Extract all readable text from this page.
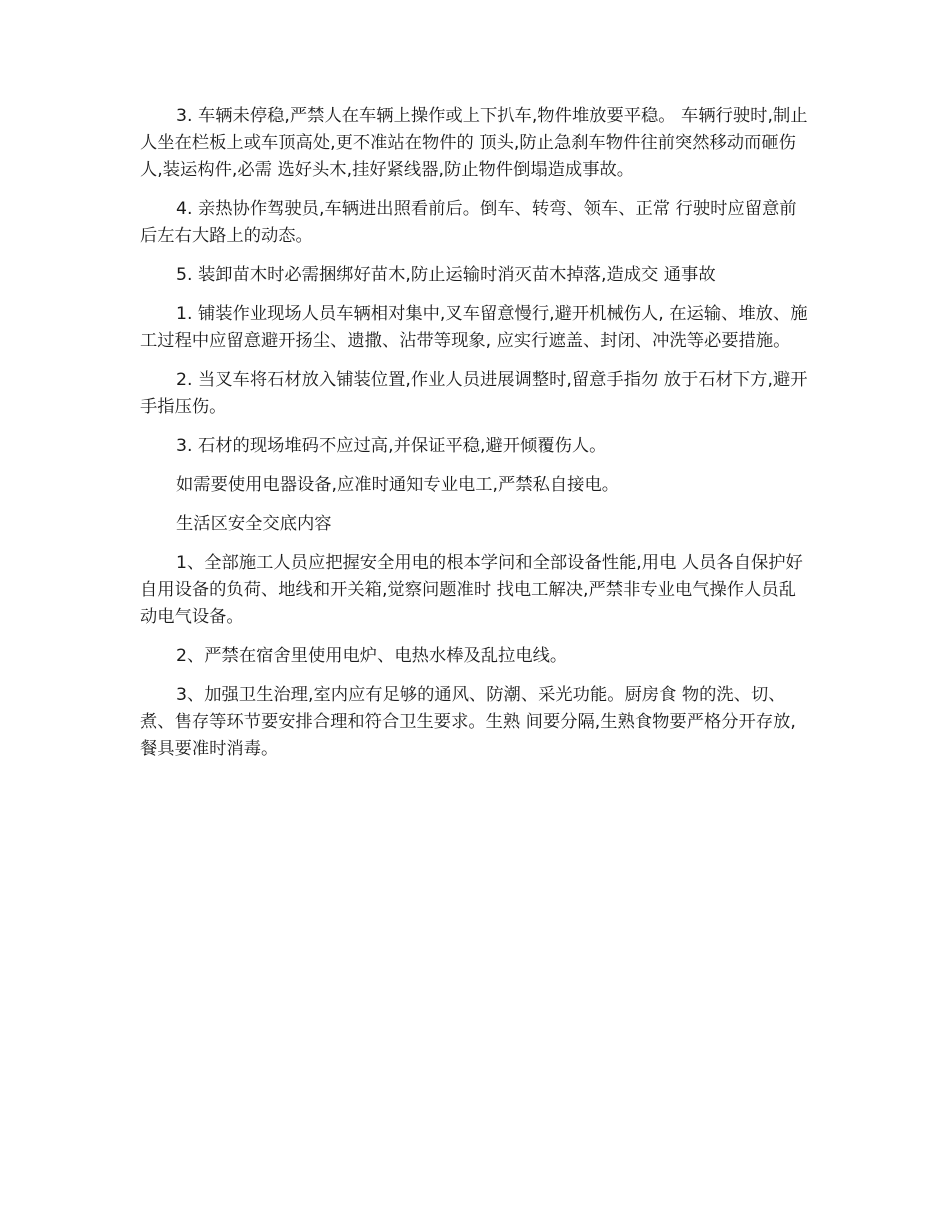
3. 车辆未停稳,严禁人在车辆上操作或上下扒车,物件堆放要平稳。 车辆行驶时,制止人坐在栏板上或车顶高处,更不准站在物件的 顶头,防止急刹车物件往前突然移动而砸伤人,装运构件,必需 选好头木,挂好紧线器,防止物件倒塌造成事故。

4. 亲热协作驾驶员,车辆进出照看前后。倒车、转弯、领车、正常 行驶时应留意前后左右大路上的动态。

5. 装卸苗木时必需捆绑好苗木,防止运输时消灭苗木掉落,造成交 通事故

1. 铺装作业现场人员车辆相对集中,叉车留意慢行,避开机械伤人, 在运输、堆放、施工过程中应留意避开扬尘、遗撒、沾带等现象, 应实行遮盖、封闭、冲洗等必要措施。

2. 当叉车将石材放入铺装位置,作业人员进展调整时,留意手指勿 放于石材下方,避开手指压伤。

3. 石材的现场堆码不应过高,并保证平稳,避开倾覆伤人。

如需要使用电器设备,应准时通知专业电工,严禁私自接电。

生活区安全交底内容

1、全部施工人员应把握安全用电的根本学问和全部设备性能,用电 人员各自保护好自用设备的负荷、地线和开关箱,觉察问题准时 找电工解决,严禁非专业电气操作人员乱动电气设备。

2、严禁在宿舍里使用电炉、电热水棒及乱拉电线。

3、加强卫生治理,室内应有足够的通风、防潮、采光功能。厨房食 物的洗、切、煮、售存等环节要安排合理和符合卫生要求。生熟 间要分隔,生熟食物要严格分开存放,餐具要准时消毒。
